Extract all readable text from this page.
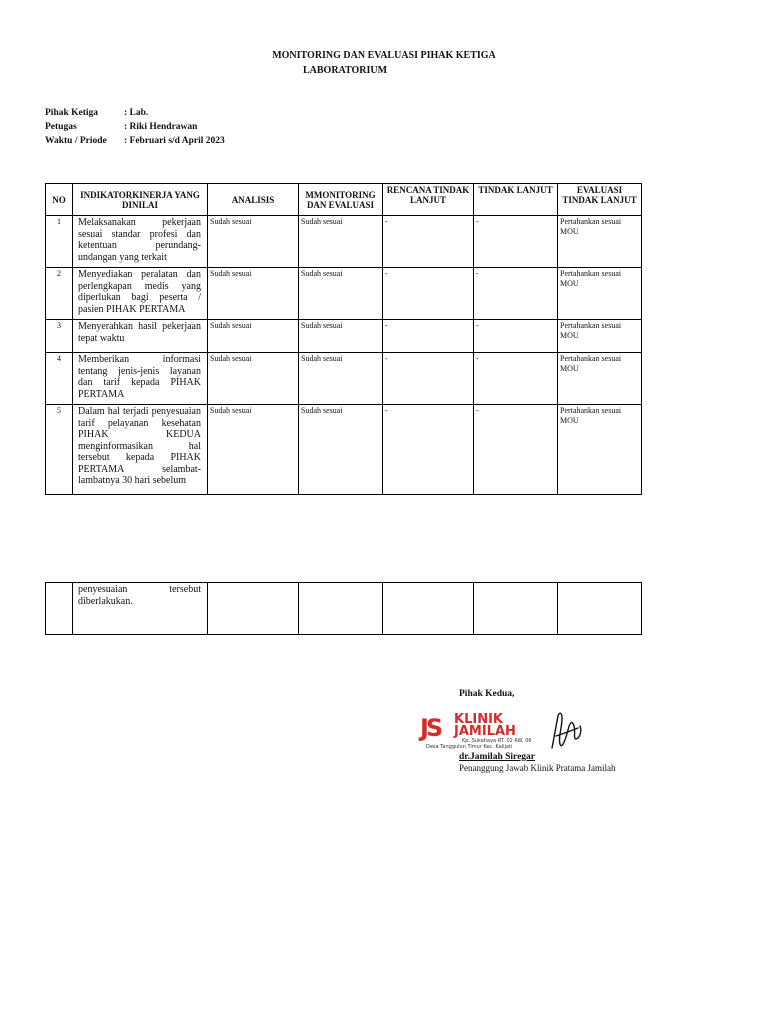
MONITORING DAN EVALUASI PIHAK KETIGA
LABORATORIUM
Pihak Ketiga	: Lab.
Petugas	: Riki Hendrawan
Waktu / Priode	: Februari s/d April 2023
NO	INDIKATORKINERJA YANG DINILAI	ANALISIS	MMONITORING DAN EVALUASI	RENCANA TINDAK LANJUT	TINDAK LANJUT	EVALUASI TINDAK LANJUT
1	Melaksanakan pekerjaan sesuai standar profesi dan ketentuan perundang-undangan yang terkait	Sudah sesuai	Sudah sesuai	-	-	Pertahankan sesuai MOU
2	Menyediakan peralatan dan perlengkapan medis yang diperlukan bagi peserta / pasien PIHAK PERTAMA	Sudah sesuai	Sudah sesuai	-	-	Pertahankan sesuai MOU
3	Menyerahkan hasil pekerjaan tepat waktu	Sudah sesuai	Sudah sesuai	-	-	Pertahankan sesuai MOU
4	Memberikan informasi tentang jenis-jenis layanan dan tarif kepada PIHAK PERTAMA	Sudah sesuai	Sudah sesuai	-	-	Pertahankan sesuai MOU
5	Dalam hal terjadi penyesuaian tarif pelayanan kesehatan PIHAK KEDUA menginformasikan hal tersebut kepada PIHAK PERTAMA selambat-lambatnya 30 hari sebelum	Sudah sesuai	Sudah sesuai	-	-	Pertahankan sesuai MOU
	penyesuaian tersebut diberlakukan.					
Pihak Kedua,
JS KLINIK JAMILAH
Kp. Sukahaya RT. 02 RW. 06
Desa Tanggulun Timur Kec. Kalijati
dr.Jamilah Siregar
Penanggung Jawab Klinik Pratama Jamilah
